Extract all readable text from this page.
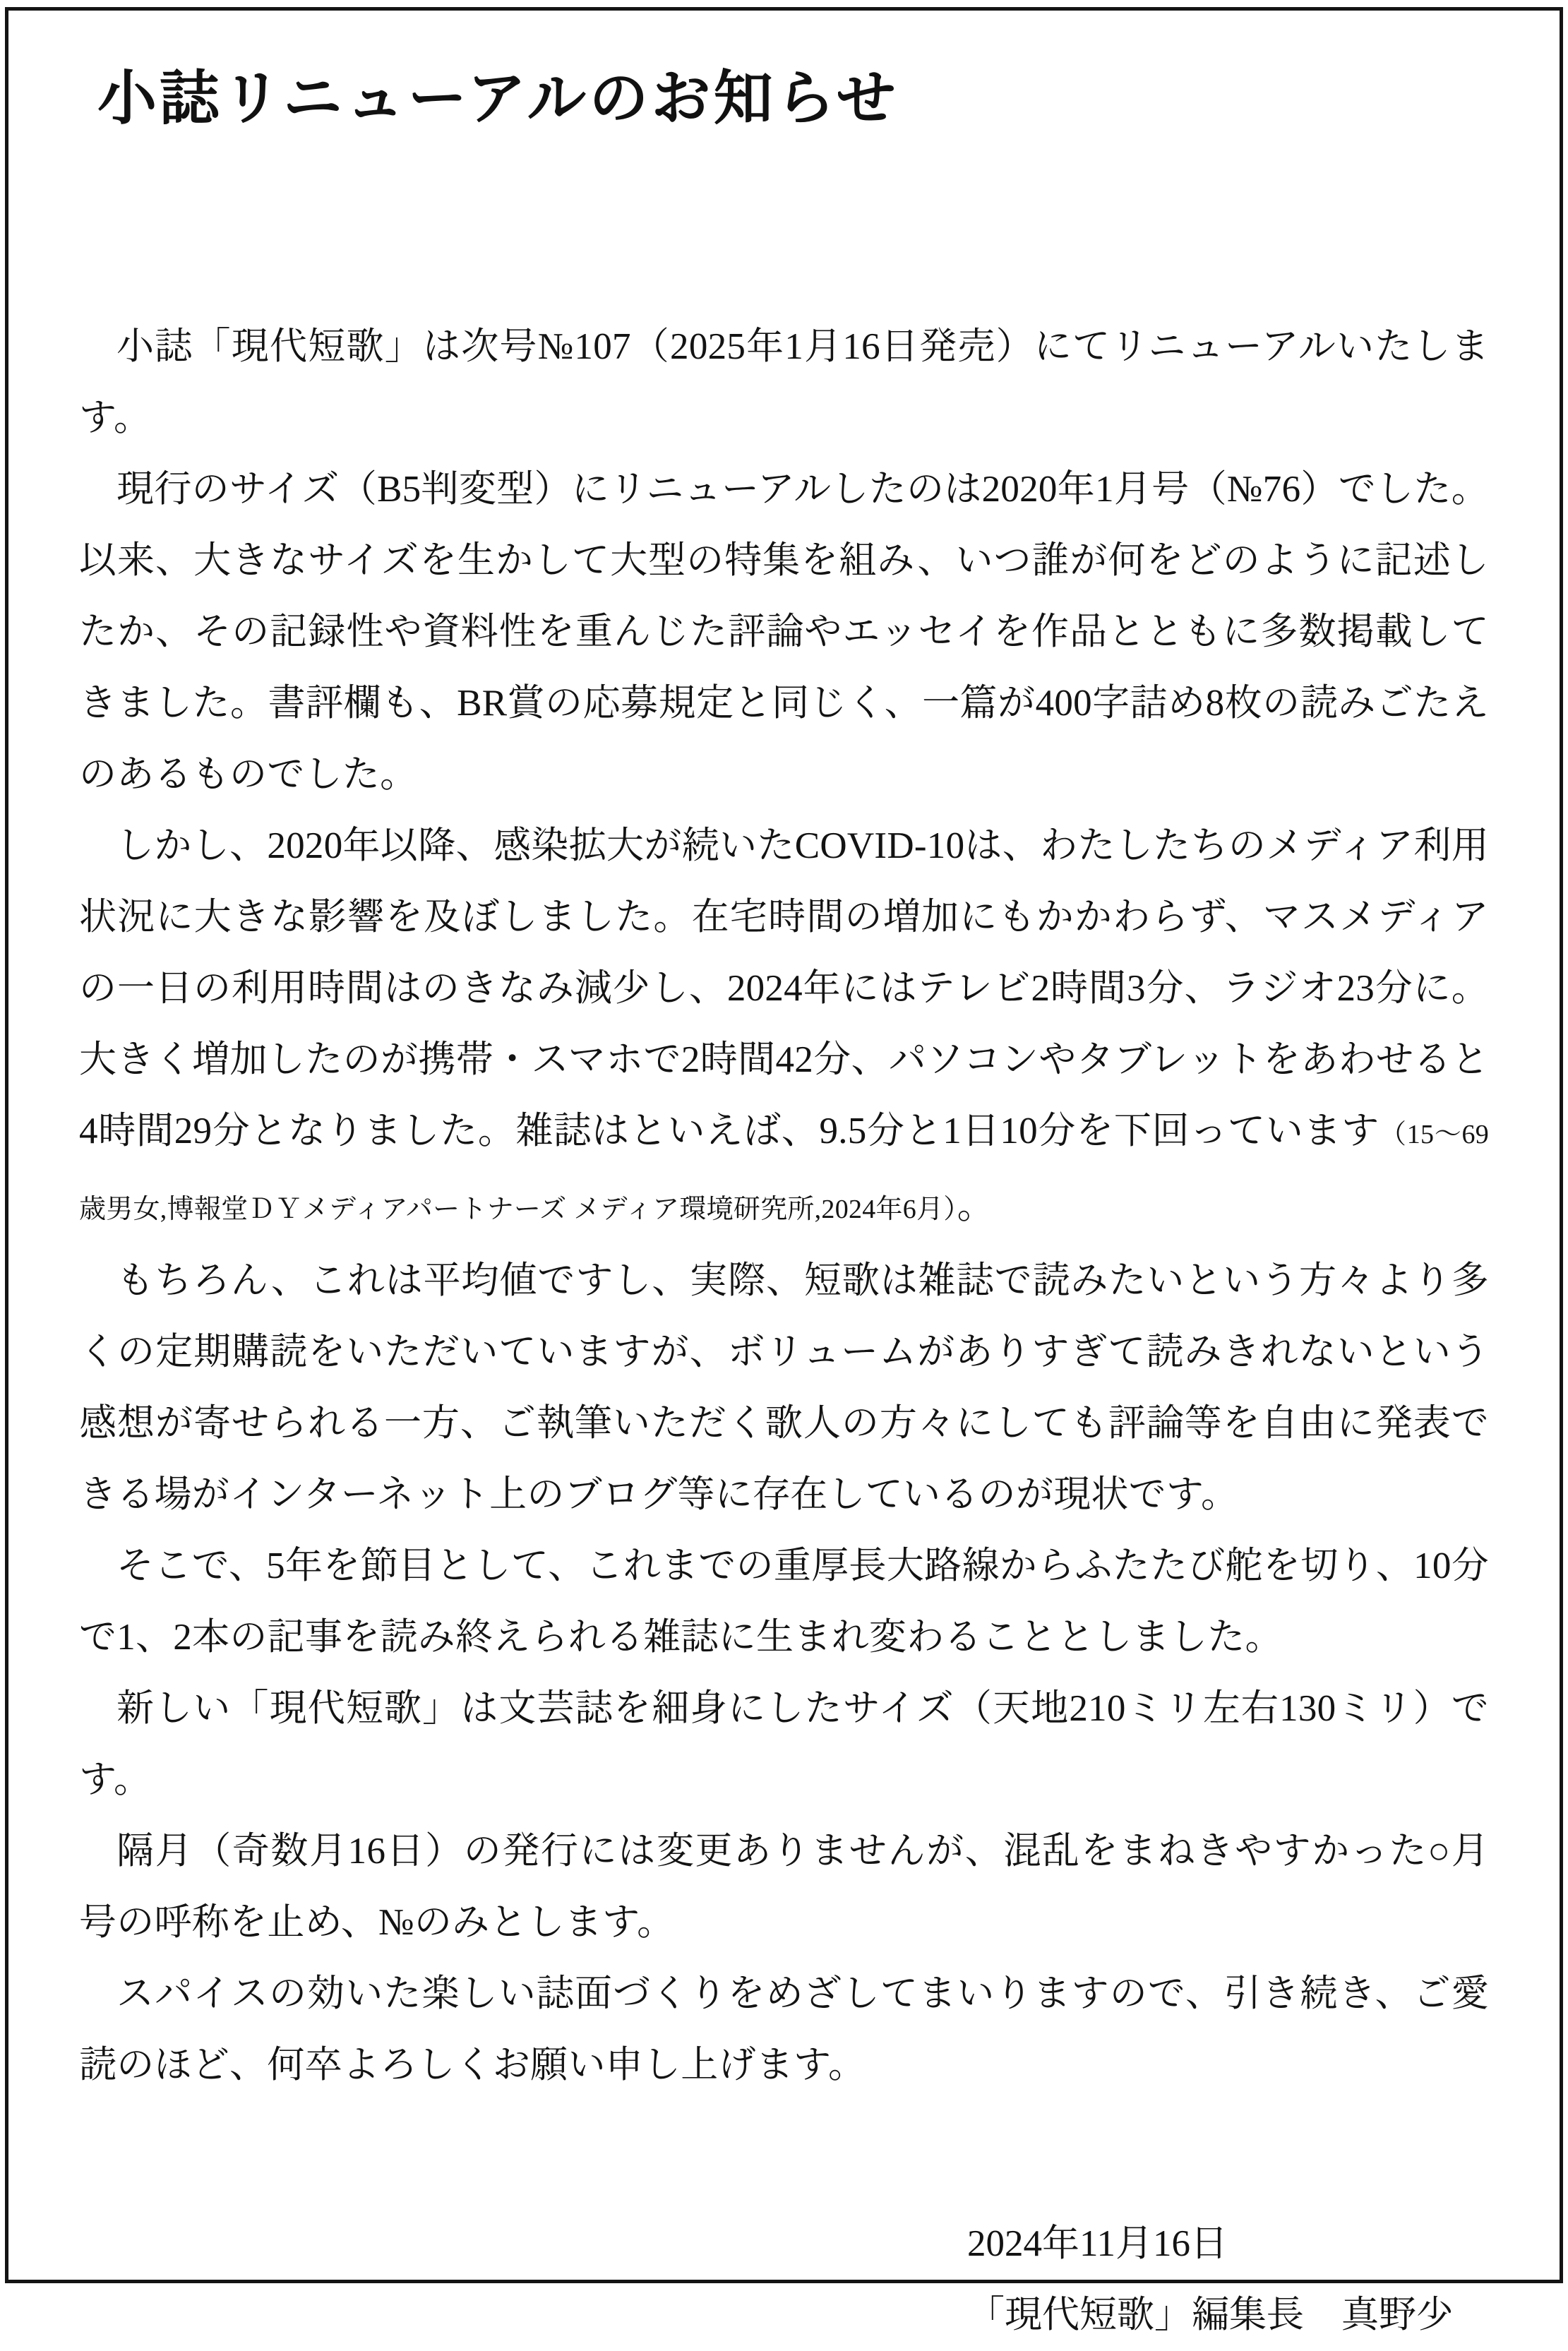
小誌リニューアルのお知らせ

小誌「現代短歌」は次号№107（2025年1月16日発売）にてリニューアルいたします。

現行のサイズ（B5判変型）にリニューアルしたのは2020年1月号（№76）でした。以来、大きなサイズを生かして大型の特集を組み、いつ誰が何をどのように記述したか、その記録性や資料性を重んじた評論やエッセイを作品とともに多数掲載してきました。書評欄も、BR賞の応募規定と同じく、一篇が400字詰め8枚の読みごたえのあるものでした。

しかし、2020年以降、感染拡大が続いたCOVID-10は、わたしたちのメディア利用状況に大きな影響を及ぼしました。在宅時間の増加にもかかわらず、マスメディアの一日の利用時間はのきなみ減少し、2024年にはテレビ2時間3分、ラジオ23分に。大きく増加したのが携帯・スマホで2時間42分、パソコンやタブレットをあわせると4時間29分となりました。雑誌はといえば、9.5分と1日10分を下回っています（15～69歳男女,博報堂ＤＹメディアパートナーズ メディア環境研究所,2024年6月）。

もちろん、これは平均値ですし、実際、短歌は雑誌で読みたいという方々より多くの定期購読をいただいていますが、ボリュームがありすぎて読みきれないという感想が寄せられる一方、ご執筆いただく歌人の方々にしても評論等を自由に発表できる場がインターネット上のブログ等に存在しているのが現状です。

そこで、5年を節目として、これまでの重厚長大路線からふたたび舵を切り、10分で1、2本の記事を読み終えられる雑誌に生まれ変わることとしました。

新しい「現代短歌」は文芸誌を細身にしたサイズ（天地210ミリ左右130ミリ）です。

隔月（奇数月16日）の発行には変更ありませんが、混乱をまねきやすかった○月号の呼称を止め、№のみとします。

スパイスの効いた楽しい誌面づくりをめざしてまいりますので、引き続き、ご愛読のほど、何卒よろしくお願い申し上げます。

2024年11月16日
「現代短歌」編集長　真野少
